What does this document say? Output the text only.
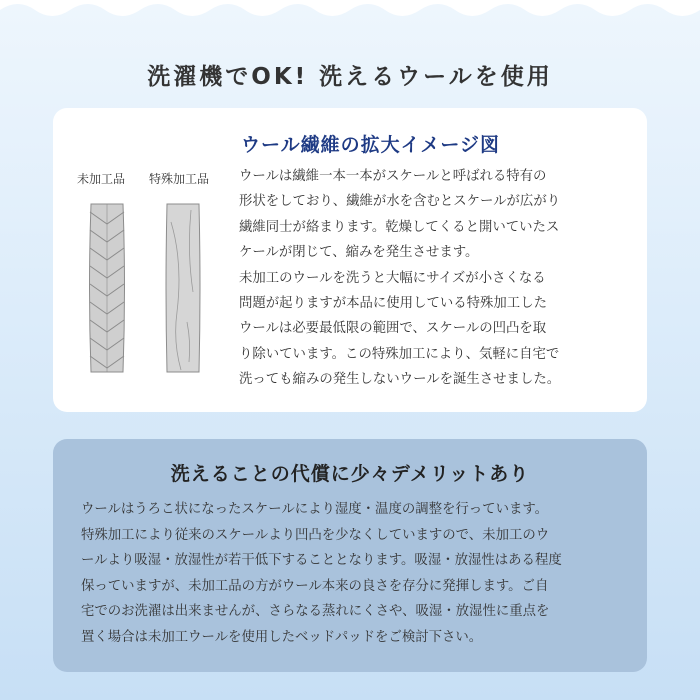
洗濯機でOK! 洗えるウールを使用
ウール繊維の拡大イメージ図
未加工品 特殊加工品 ウールは繊維一本一本がスケールと呼ばれる特有の

形状をしており、繊維が水を含むとスケールが広がり

繊維同士が絡まります。乾燥してくると開いていたス

ケールが閉じて、縮みを発生させます。

未加工のウールを洗うと大幅にサイズが小さくなる

問題が起りますが本品に使用している特殊加工した

ウールは必要最低限の範囲で、スケールの凹凸を取

り除いています。この特殊加工により、気軽に自宅で

洗っても縮みの発生しないウールを誕生させました。

洗えることの代償に少々デメリットあり

ウールはうろこ状になったスケールにより湿度・温度の調整を行っています。

特殊加工により従来のスケールより凹凸を少なくしていますので、未加工のウ

ールより吸湿・放湿性が若干低下することとなります。吸湿・放湿性はある程度

保っていますが、未加工品の方がウール本来の良さを存分に発揮します。ご自

宅でのお洗濯は出来ませんが、さらなる蒸れにくさや、吸湿・放湿性に重点を

置く場合は未加工ウールを使用したベッドパッドをご検討下さい。
